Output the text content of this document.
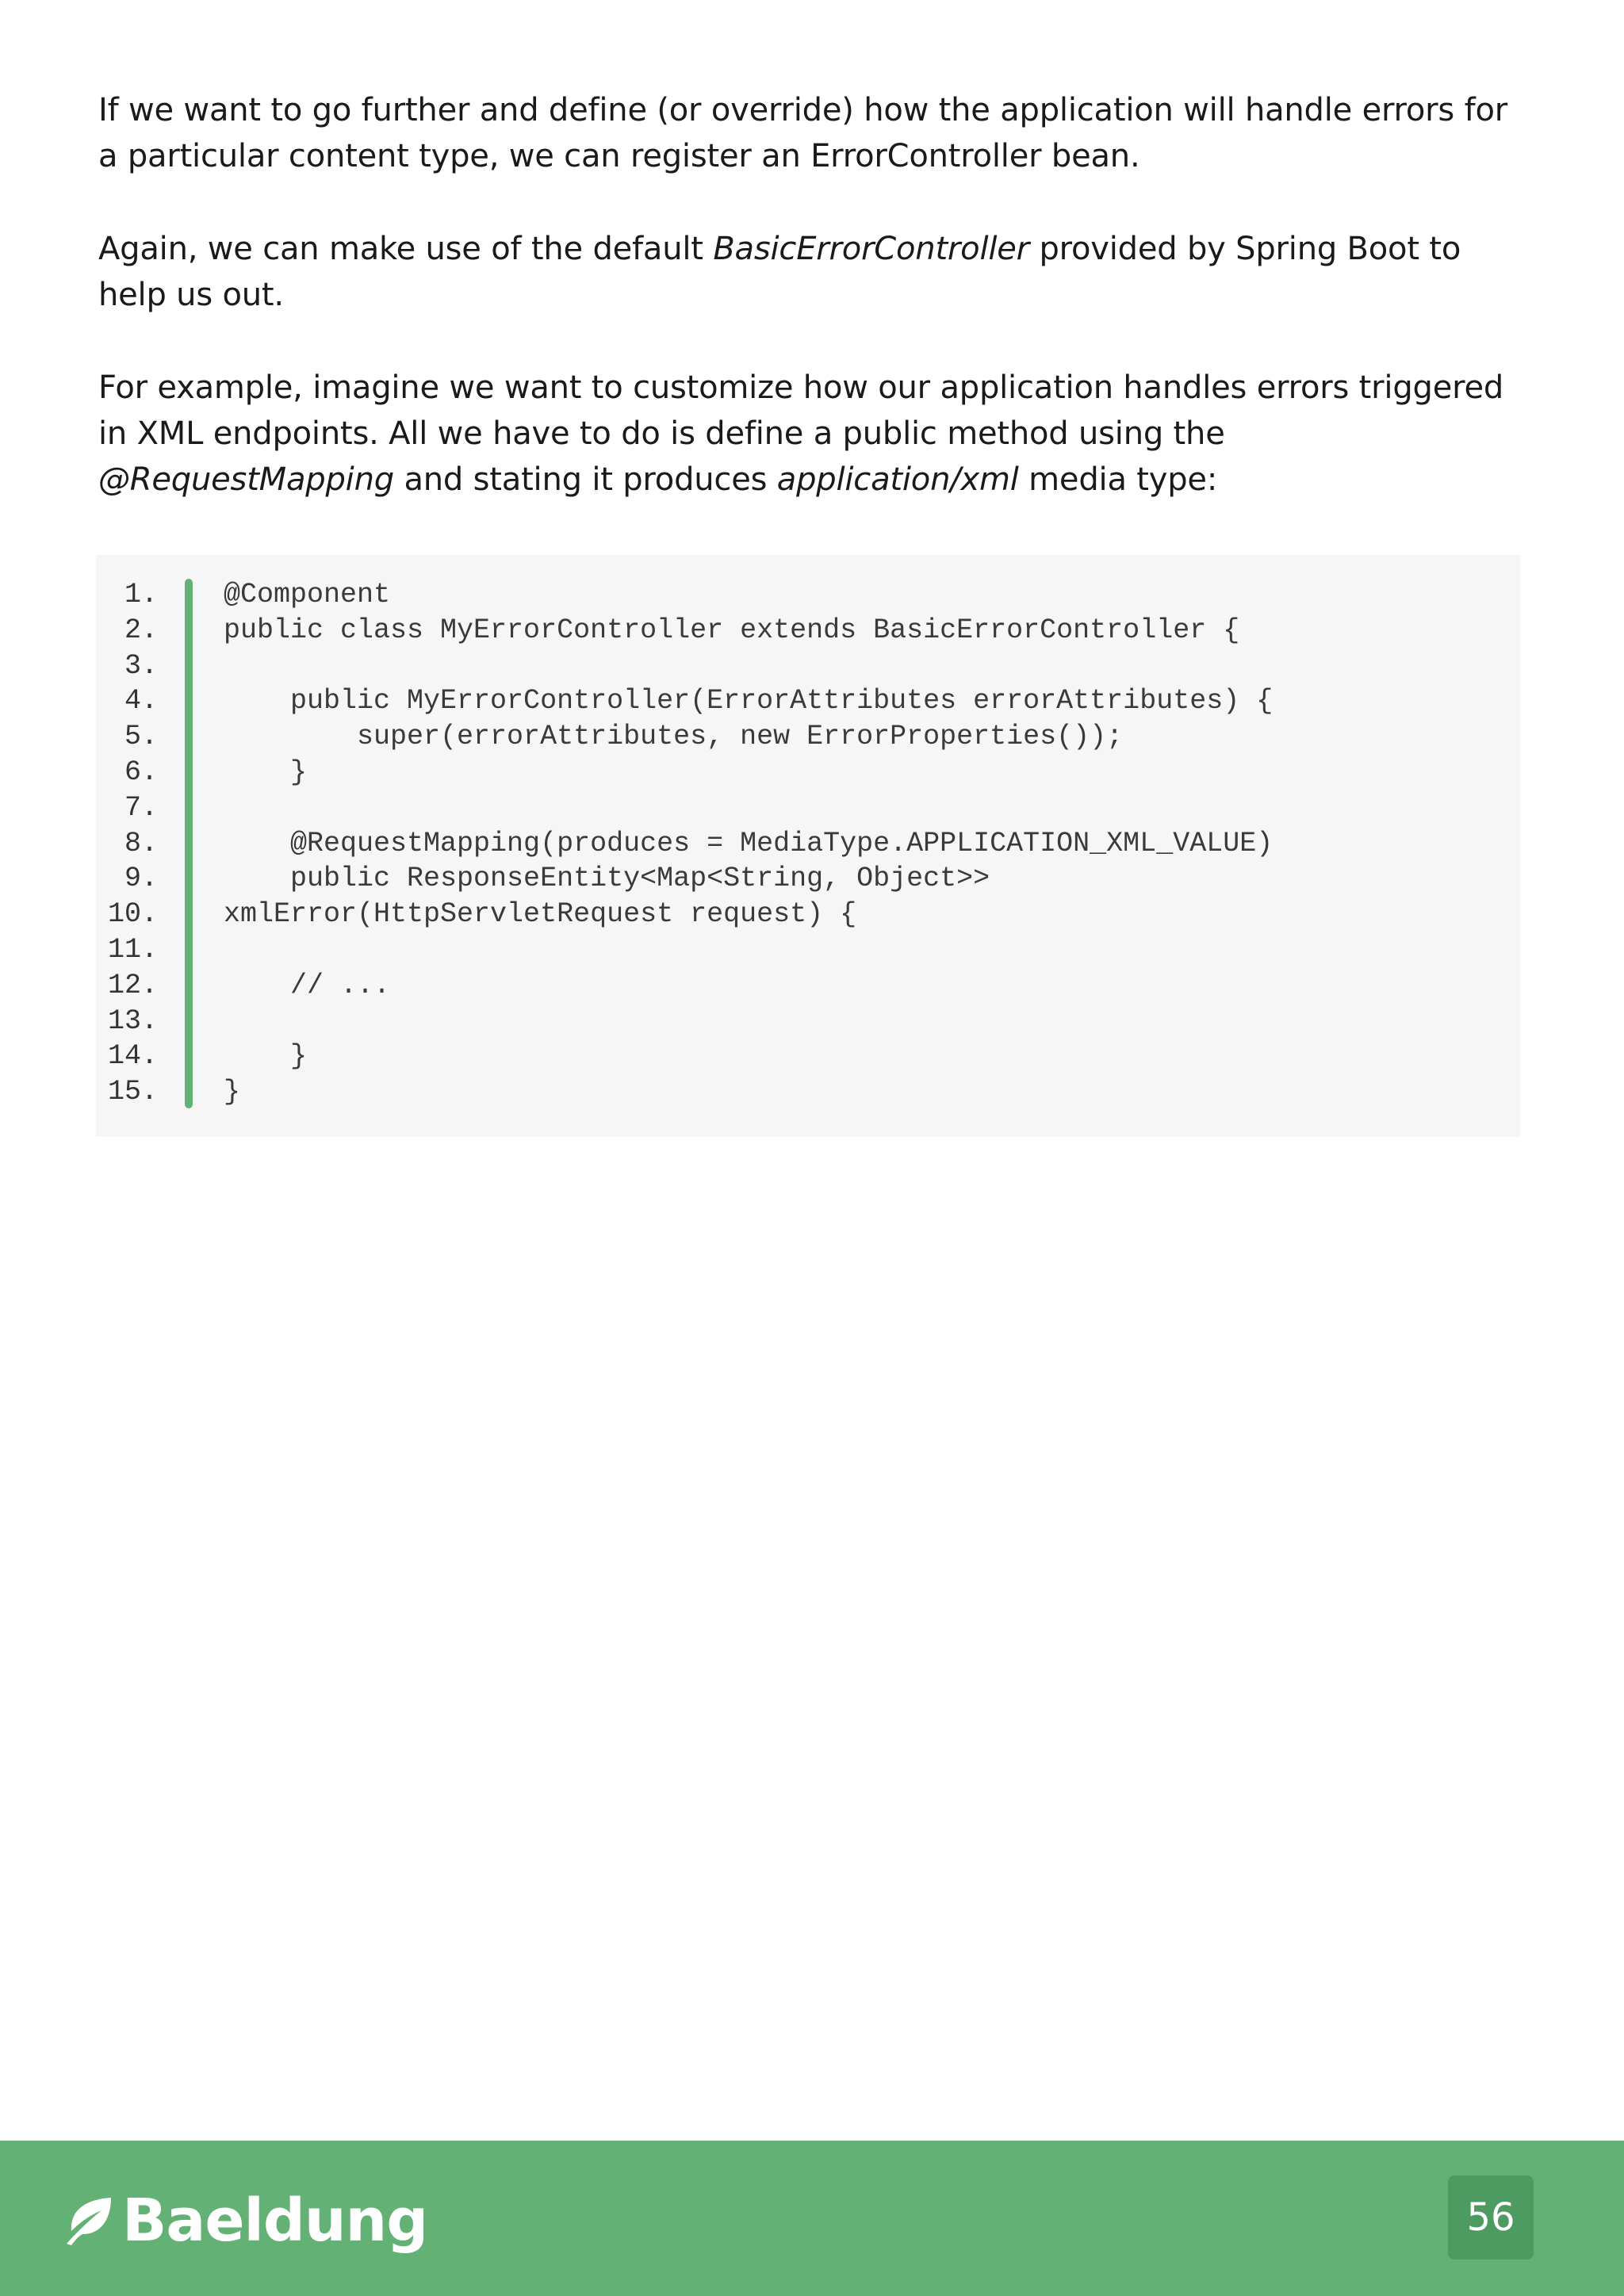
If we want to go further and define (or override) how the application will handle errors for a particular content type, we can register an ErrorController bean.

Again, we can make use of the default BasicErrorController provided by Spring Boot to help us out.

For example, imagine we want to customize how our application handles errors triggered in XML endpoints. All we have to do is define a public method using the @RequestMapping and stating it produces application/xml media type:

1. @Component
2. public class MyErrorController extends BasicErrorController {
3.
4. public MyErrorController(ErrorAttributes errorAttributes) {
5. super(errorAttributes, new ErrorProperties());
6. }
7.
8. @RequestMapping(produces = MediaType.APPLICATION_XML_VALUE)
9. public ResponseEntity<Map<String, Object>>
10. xmlError(HttpServletRequest request) {
11.
12. // ...
13.
14. }
15. }
Baeldung	56
